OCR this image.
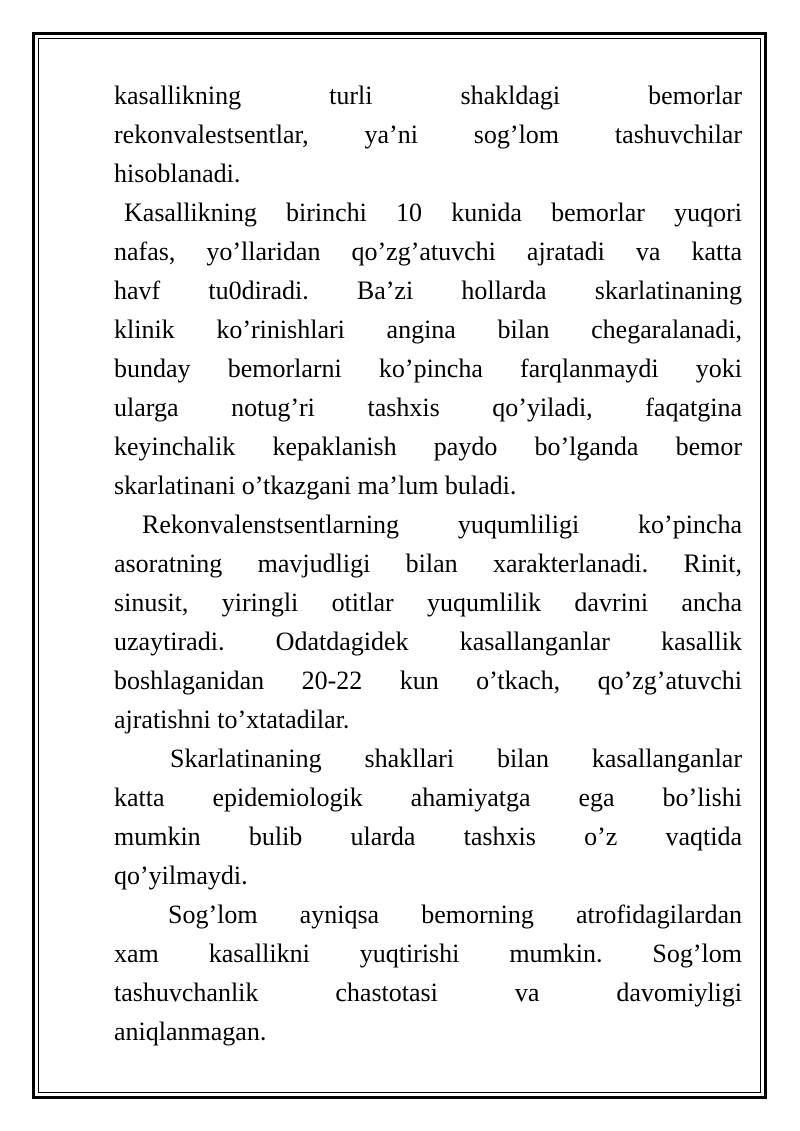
kasallikning turli shakldagi bemorlar
rekonvalestsentlar, ya’ni sog’lom tashuvchilar
hisoblanadi.
Kasallikning birinchi 10 kunida bemorlar yuqori
nafas, yo’llaridan qo’zg’atuvchi ajratadi va katta
havf tu0diradi. Ba’zi hollarda skarlatinaning
klinik ko’rinishlari angina bilan chegaralanadi,
bunday bemorlarni ko’pincha farqlanmaydi yoki
ularga notug’ri tashxis qo’yiladi, faqatgina
keyinchalik kepaklanish paydo bo’lganda bemor
skarlatinani o’tkazgani ma’lum buladi.
Rekonvalenstsentlarning yuqumliligi ko’pincha
asoratning mavjudligi bilan xarakterlanadi. Rinit,
sinusit, yiringli otitlar yuqumlilik davrini ancha
uzaytiradi. Odatdagidek kasallanganlar kasallik
boshlaganidan 20-22 kun o’tkach, qo’zg’atuvchi
ajratishni to’xtatadilar.
Skarlatinaning shakllari bilan kasallanganlar
katta epidemiologik ahamiyatga ega bo’lishi
mumkin bulib ularda tashxis o’z vaqtida
qo’yilmaydi.
Sog’lom ayniqsa bemorning atrofidagilardan
xam kasallikni yuqtirishi mumkin. Sog’lom
tashuvchanlik chastotasi va davomiyligi
aniqlanmagan.
